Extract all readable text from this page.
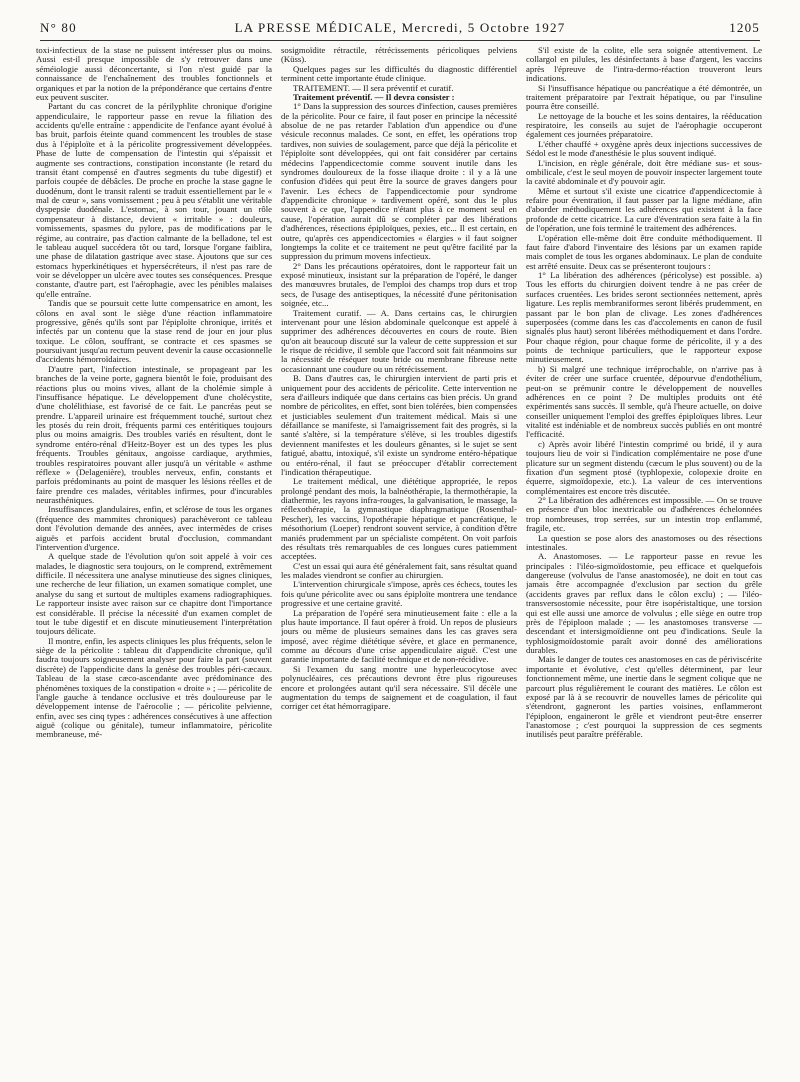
N° 80	LA PRESSE MÉDICALE, Mercredi, 5 Octobre 1927	1205

toxi-infectieux de la stase ne puissent intéresser plus ou moins. Aussi est-il presque impossible de s'y retrouver dans une séméiologie aussi déconcertante, si l'on n'est guidé par la connaissance de l'enchaînement des troubles fonctionnels et organiques et par la notion de la prépondérance que certains d'entre eux peuvent susciter.

Partant du cas concret de la périlyphlite chronique d'origine appendiculaire, le rapporteur passe en revue la filiation des accidents qu'elle entraîne : appendicite de l'enfance ayant évolué à bas bruit, parfois éteinte quand commencent les troubles de stase dus à l'épiploïte et à la péricolite progressivement développées. Phase de lutte de compensation de l'intestin qui s'épaissit et augmente ses contractions, constipation inconstante (le retard du transit étant compensé en d'autres segments du tube digestif) et parfois coupée de débâcles. De proche en proche la stase gagne le duodénum, dont le transit ralenti se traduit essentiellement par le « mal de cœur », sans vomissement ; peu à peu s'établit une véritable dyspepsie duodénale. L'estomac, à son tour, jouant un rôle compensateur à distance, devient « irritable » : douleurs, vomissements, spasmes du pylore, pas de modifications par le régime, au contraire, pas d'action calmante de la belladone, tel est le tableau auquel succédera tôt ou tard, lorsque l'organe faiblira, une phase de dilatation gastrique avec stase. Ajoutons que sur ces estomacs hyperkinétiques et hypersécréteurs, il n'est pas rare de voir se développer un ulcère avec toutes ses conséquences. Presque constante, d'autre part, est l'aérophagie, avec les pénibles malaises qu'elle entraîne.

Tandis que se poursuit cette lutte compensatrice en amont, les côlons en aval sont le siège d'une réaction inflammatoire progressive, gênés qu'ils sont par l'épiploïte chronique, irrités et infectés par un contenu que la stase rend de jour en jour plus toxique. Le côlon, souffrant, se contracte et ces spasmes se poursuivant jusqu'au rectum peuvent devenir la cause occasionnelle d'accidents hémorroïdaires.

D'autre part, l'infection intestinale, se propageant par les branches de la veine porte, gagnera bientôt le foie, produisant des réactions plus ou moins vives, allant de la cholémie simple à l'insuffisance hépatique. Le développement d'une cholécystite, d'une cholélithiase, est favorisé de ce fait. Le pancréas peut se prendre. L'appareil urinaire est fréquemment touché, surtout chez les ptosés du rein droit, fréquents parmi ces entéritiques toujours plus ou moins amaigris. Des troubles variés en résultent, dont le syndrome entéro-rénal d'Heitz-Boyer est un des types les plus fréquents. Troubles génitaux, angoisse cardiaque, arythmies, troubles respiratoires pouvant aller jusqu'à un véritable « asthme réflexe » (Delagenière), troubles nerveux, enfin, constants et parfois prédominants au point de masquer les lésions réelles et de faire prendre ces malades, véritables infirmes, pour d'incurables neurasthéniques.

Insuffisances glandulaires, enfin, et sclérose de tous les organes (fréquence des mammites chroniques) parachèveront ce tableau dont l'évolution demande des années, avec intermèdes de crises aiguës et parfois accident brutal d'occlusion, commandant l'intervention d'urgence.

A quelque stade de l'évolution qu'on soit appelé à voir ces malades, le diagnostic sera toujours, on le comprend, extrêmement difficile. Il nécessitera une analyse minutieuse des signes cliniques, une recherche de leur filiation, un examen somatique complet, une analyse du sang et surtout de multiples examens radiographiques. Le rapporteur insiste avec raison sur ce chapitre dont l'importance est considérable. Il précise la nécessité d'un examen complet de tout le tube digestif et en discute minutieusement l'interprétation toujours délicate.

Il montre, enfin, les aspects cliniques les plus fréquents, selon le siège de la péricolite : tableau dit d'appendicite chronique, qu'il faudra toujours soigneusement analyser pour faire la part (souvent discrète) de l'appendicite dans la genèse des troubles péri-cæcaux. Tableau de la stase cæco-ascendante avec prédominance des phénomènes toxiques de la constipation « droite » ; — péricolite de l'angle gauche à tendance occlusive et très douloureuse par le développement intense de l'aérocolie ; — péricolite pelvienne, enfin, avec ses cinq types : adhérences consécutives à une affection aiguë (colique ou génitale), tumeur inflammatoire, péricolite membraneuse, mé-

sosigmoïdite rétractile, rétrécissements péricoliques pelviens (Küss).

Quelques pages sur les difficultés du diagnostic différentiel terminent cette importante étude clinique.

TRAITEMENT. — Il sera préventif et curatif.

Traitement préventif. — Il devra consister :

1° Dans la suppression des sources d'infection, causes premières de la péricolite. Pour ce faire, il faut poser en principe la nécessité absolue de ne pas retarder l'ablation d'un appendice ou d'une vésicule reconnus malades. Ce sont, en effet, les opérations trop tardives, non suivies de soulagement, parce que déjà la péricolite et l'épiploïte sont développées, qui ont fait considérer par certains médecins l'appendicectomie comme souvent inutile dans les syndromes douloureux de la fosse iliaque droite : il y a là une confusion d'idées qui peut être la source de graves dangers pour l'avenir. Les échecs de l'appendicectomie pour syndrome d'appendicite chronique » tardivement opéré, sont dus le plus souvent à ce que, l'appendice n'étant plus à ce moment seul en cause, l'opération aurait dû se compléter par des libérations d'adhérences, résections épiploïques, pexies, etc... Il est certain, en outre, qu'après ces appendicectomies « élargies » il faut soigner longtemps la colite et ce traitement ne peut qu'être facilité par la suppression du primum movens infectieux.

2° Dans les précautions opératoires, dont le rapporteur fait un exposé minutieux, insistant sur la préparation de l'opéré, le danger des manœuvres brutales, de l'emploi des champs trop durs et trop secs, de l'usage des antiseptiques, la nécessité d'une péritonisation soignée, etc...

Traitement curatif. — A. Dans certains cas, le chirurgien intervenant pour une lésion abdominale quelconque est appelé à supprimer des adhérences découvertes en cours de route. Bien qu'on ait beaucoup discuté sur la valeur de cette suppression et sur le risque de récidive, il semble que l'accord soit fait néanmoins sur la nécessité de réséquer toute bride ou membrane fibreuse nette occasionnant une coudure ou un rétrécissement.

B. Dans d'autres cas, le chirurgien intervient de parti pris et uniquement pour des accidents de péricolite. Cette intervention ne sera d'ailleurs indiquée que dans certains cas bien précis. Un grand nombre de péricolites, en effet, sont bien tolérées, bien compensées et justiciables seulement d'un traitement médical. Mais si une défaillance se manifeste, si l'amaigrissement fait des progrès, si la santé s'altère, si la température s'élève, si les troubles digestifs deviennent manifestes et les douleurs gênantes, si le sujet se sent fatigué, abattu, intoxiqué, s'il existe un syndrome entéro-hépatique ou entéro-rénal, il faut se préoccuper d'établir correctement l'indication thérapeutique.

Le traitement médical, une diététique appropriée, le repos prolongé pendant des mois, la balnéothérapie, la thermothérapie, la diathermie, les rayons infra-rouges, la galvanisation, le massage, la réflexothérapie, la gymnastique diaphragmatique (Rosenthal-Pescher), les vaccins, l'opothérapie hépatique et pancréatique, le mésothorium (Loeper) rendront souvent service, à condition d'être maniés prudemment par un spécialiste compétent. On voit parfois des résultats très remarquables de ces longues cures patiemment acceptées.

C'est un essai qui aura été généralement fait, sans résultat quand les malades viendront se confier au chirurgien.

L'intervention chirurgicale s'impose, après ces échecs, toutes les fois qu'une péricolite avec ou sans épiploïte montrera une tendance progressive et une certaine gravité.

La préparation de l'opéré sera minutieusement faite : elle a la plus haute importance. Il faut opérer à froid. Un repos de plusieurs jours ou même de plusieurs semaines dans les cas graves sera imposé, avec régime diététique sévère, et glace en permanence, comme au décours d'une crise appendiculaire aiguë. C'est une garantie importante de facilité technique et de non-récidive.

Si l'examen du sang montre une hyperleucocytose avec polynucléaires, ces précautions devront être plus rigoureuses encore et prolongées autant qu'il sera nécessaire. S'il décèle une augmentation du temps de saignement et de coagulation, il faut corriger cet état hémorragipare.

S'il existe de la colite, elle sera soignée attentivement. Le collargol en pilules, les désinfectants à base d'argent, les vaccins après l'épreuve de l'intra-dermo-réaction trouveront leurs indications.

Si l'insuffisance hépatique ou pancréatique a été démontrée, un traitement préparatoire par l'extrait hépatique, ou par l'insuline pourra être conseillé.

Le nettoyage de la bouche et les soins dentaires, la rééducation respiratoire, les conseils au sujet de l'aérophagie occuperont également ces journées préparatoire.

L'éther chauffé + oxygène après deux injections successives de Sédol est le mode d'anesthésie le plus souvent indiqué.

L'incision, en règle générale, doit être médiane sus- et sous-ombilicale, c'est le seul moyen de pouvoir inspecter largement toute la cavité abdominale et d'y pouvoir agir.

Même et surtout s'il existe une cicatrice d'appendicectomie à refaire pour éventration, il faut passer par la ligne médiane, afin d'aborder méthodiquement les adhérences qui existent à la face profonde de cette cicatrice. La cure d'éventration sera faite à la fin de l'opération, une fois terminé le traitement des adhérences.

L'opération elle-même doit être conduite méthodiquement. Il faut faire d'abord l'inventaire des lésions par un examen rapide mais complet de tous les organes abdominaux. Le plan de conduite est arrêté ensuite. Deux cas se présenteront toujours :

1° La libération des adhérences (péricolyse) est possible. a) Tous les efforts du chirurgien doivent tendre à ne pas créer de surfaces cruentées. Les brides seront sectionnées nettement, après ligature. Les replis membraniformes seront libérés prudemment, en passant par le bon plan de clivage. Les zones d'adhérences superposées (comme dans les cas d'accolements en canon de fusil signalés plus haut) seront libérées méthodiquement et dans l'ordre. Pour chaque région, pour chaque forme de péricolite, il y a des points de technique particuliers, que le rapporteur expose minutieusement.

b) Si malgré une technique irréprochable, on n'arrive pas à éviter de créer une surface cruentée, dépourvue d'endothélium, peut-on se prémunir contre le développement de nouvelles adhérences en ce point ? De multiples produits ont été expérimentés sans succès. Il semble, qu'à l'heure actuelle, on doive conseiller uniquement l'emploi des greffes épiploïques libres. Leur vitalité est indéniable et de nombreux succès publiés en ont montré l'efficacité.

c) Après avoir libéré l'intestin comprimé ou bridé, il y aura toujours lieu de voir si l'indication complémentaire ne pose d'une plicature sur un segment distendu (cæcum le plus souvent) ou de la fixation d'un segment ptosé (typhlopexie, colopexie droite en équerre, sigmoïdopexie, etc.). La valeur de ces interventions complémentaires est encore très discutée.

2° La libération des adhérences est impossible. — On se trouve en présence d'un bloc inextricable ou d'adhérences échelonnées trop nombreuses, trop serrées, sur un intestin trop enflammé, fragile, etc.

La question se pose alors des anastomoses ou des résections intestinales.

A. Anastomoses. — Le rapporteur passe en revue les principales : l'iléo-sigmoïdostomie, peu efficace et quelquefois dangereuse (volvulus de l'anse anastomosée), ne doit en tout cas jamais être accompagnée d'exclusion par section du grêle (accidents graves par reflux dans le côlon exclu) ; — l'iléo-transversostomie nécessite, pour être isopéristaltique, une torsion qui est elle aussi une amorce de volvulus ; elle siège en outre trop près de l'épiploon malade ; — les anastomoses transverse — descendant et intersigmoïdienne ont peu d'indications. Seule la typhlosigmoïdostomie paraît avoir donné des améliorations durables.

Mais le danger de toutes ces anastomoses en cas de périviscérite importante et évolutive, c'est qu'elles déterminent, par leur fonctionnement même, une inertie dans le segment colique que ne parcourt plus régulièrement le courant des matières. Le côlon est exposé par là à se recouvrir de nouvelles lames de péricolite qui s'étendront, gagneront les parties voisines, enflammeront l'épiploon, engaineront le grêle et viendront peut-être enserrer l'anastomose ; c'est pourquoi la suppression de ces segments inutilisés peut paraître préférable.
